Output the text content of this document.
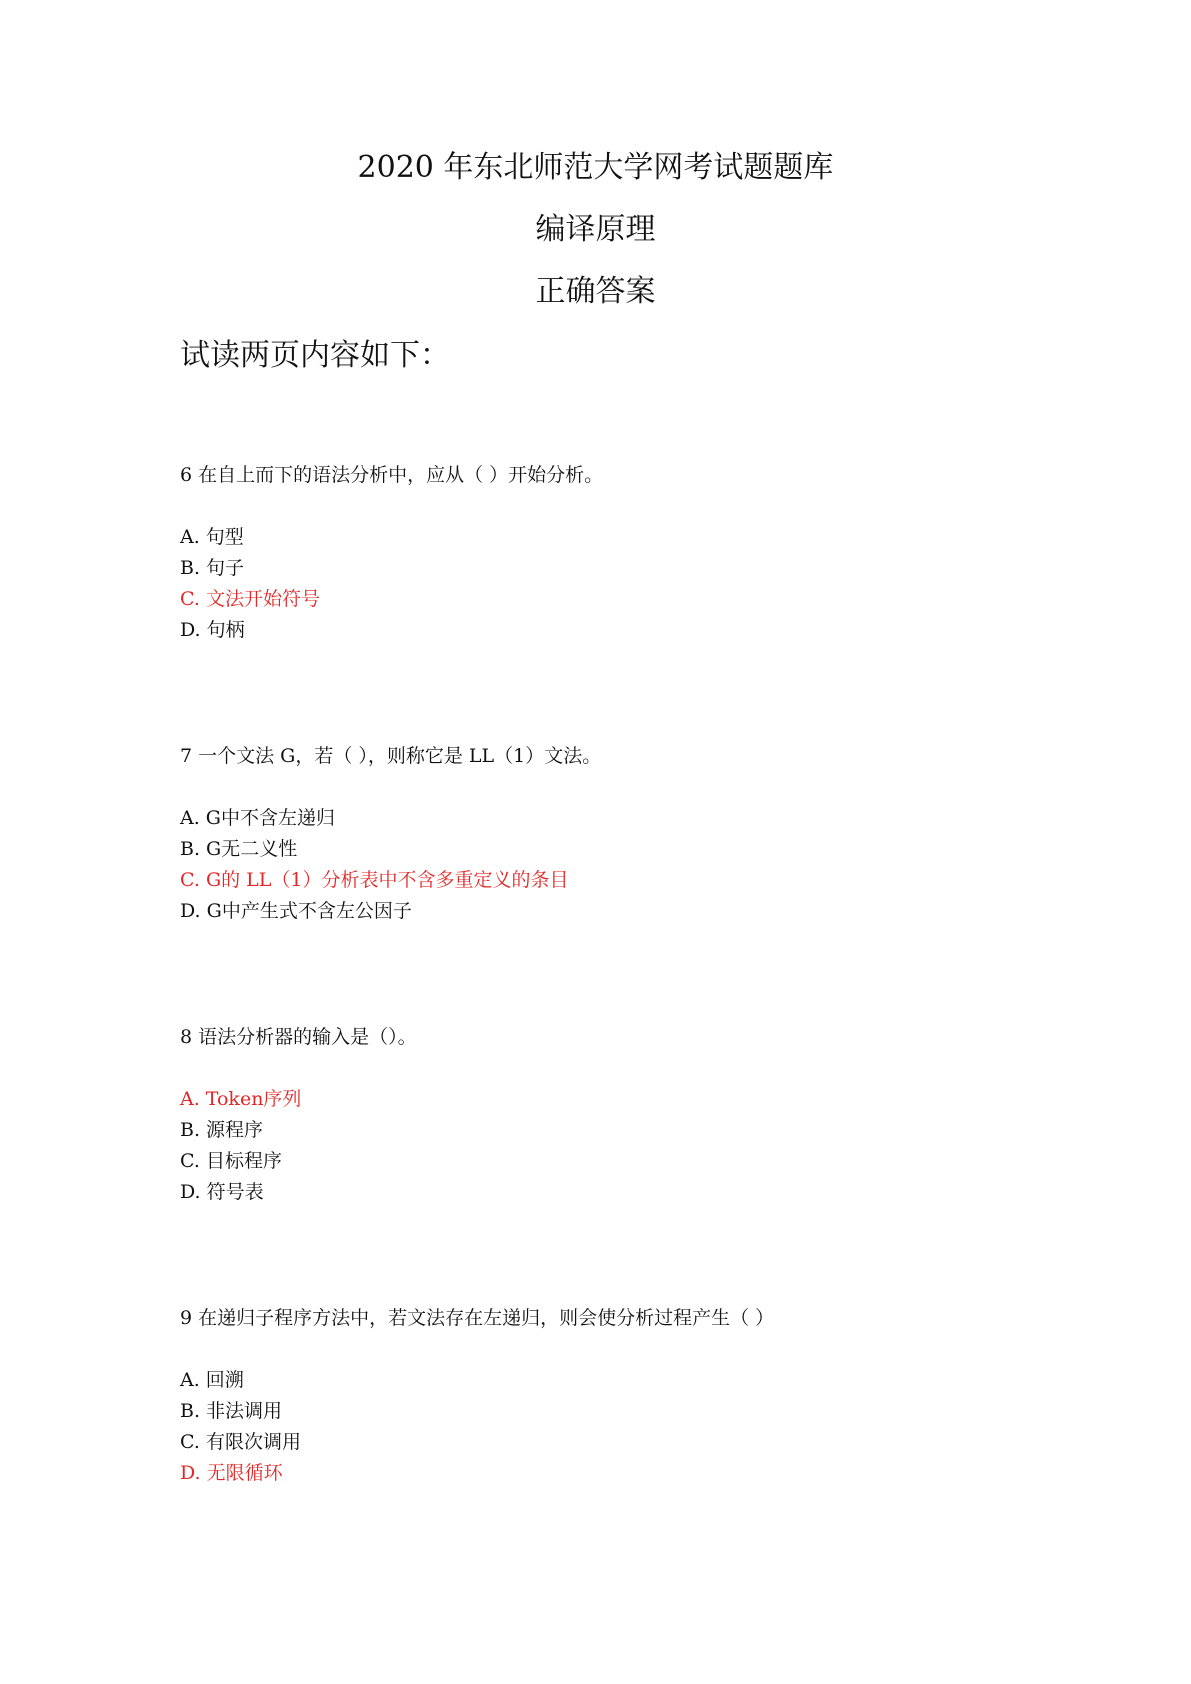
2020 年东北师范大学网考试题题库
编译原理
正确答案
试读两页内容如下：

6 在自上而下的语法分析中，应从（ ）开始分析。

A. 句型
B. 句子
C. 文法开始符号
D. 句柄

7 一个文法 G，若（ ），则称它是 LL（1）文法。

A. G中不含左递归
B. G无二义性
C. G的 LL（1）分析表中不含多重定义的条目
D. G中产生式不含左公因子

8 语法分析器的输入是（）。

A. Token序列
B. 源程序
C. 目标程序
D. 符号表

9 在递归子程序方法中，若文法存在左递归，则会使分析过程产生（ ）

A. 回溯
B. 非法调用
C. 有限次调用
D. 无限循环
